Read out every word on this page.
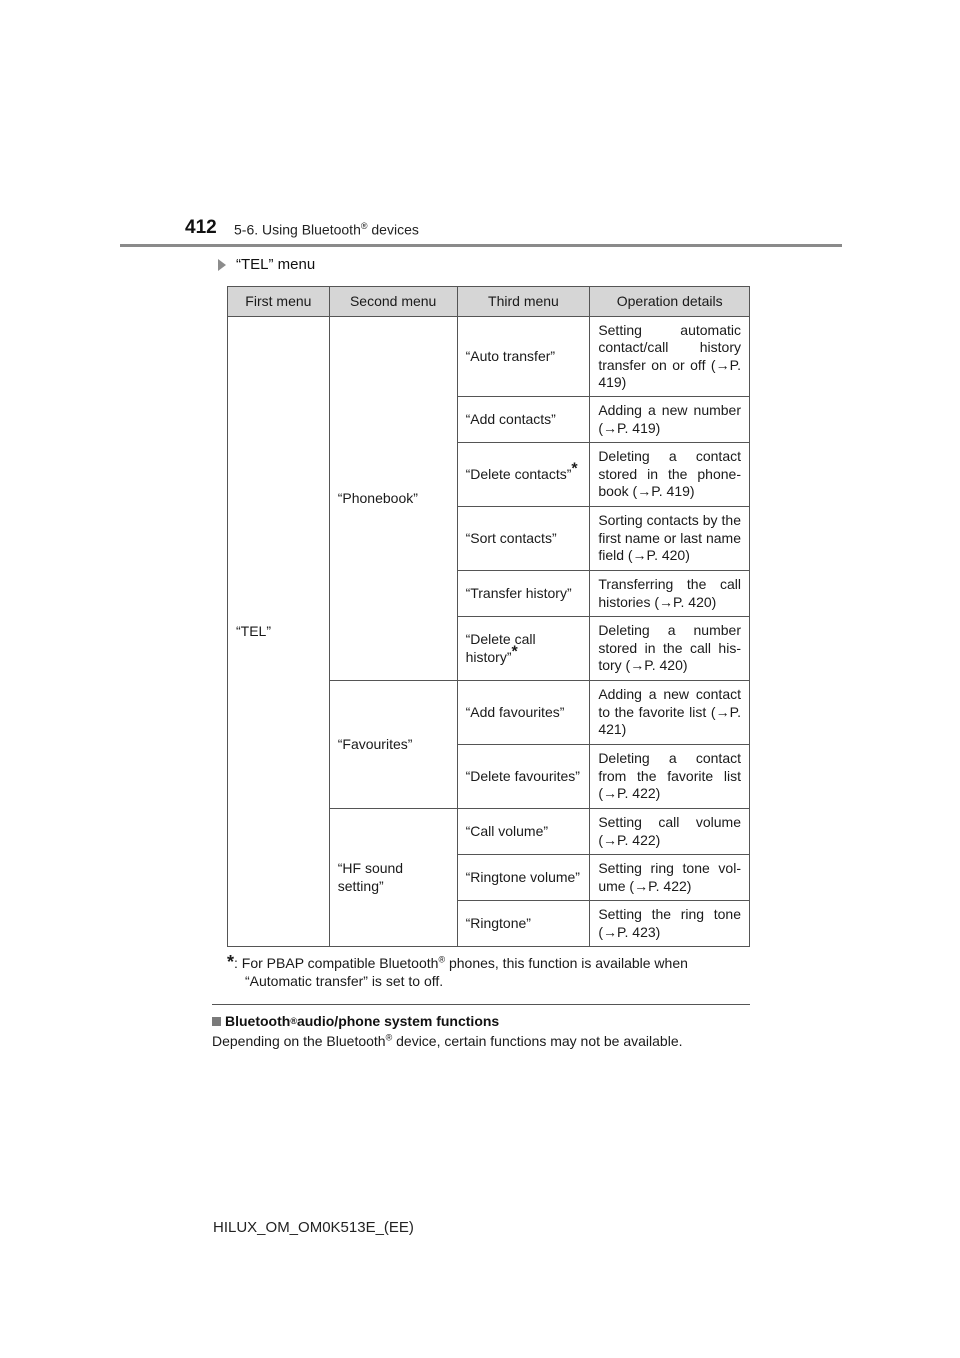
412 5-6. Using Bluetooth® devices
“TEL” menu
First menu	Second menu	Third menu	Operation details
“TEL”	“Phonebook”	“Auto transfer”	Setting automatic contact/call history transfer on or off (→P. 419)
		“Add contacts”	Adding a new number (→P. 419)
		“Delete contacts”*	Deleting a contact stored in the phonebook (→P. 419)
		“Sort contacts”	Sorting contacts by the first name or last name field (→P. 420)
		“Transfer history”	Transferring the call histories (→P. 420)
		“Delete call history”*	Deleting a number stored in the call history (→P. 420)
	“Favourites”	“Add favourites”	Adding a new contact to the favorite list (→P. 421)
		“Delete favourites”	Deleting a contact from the favorite list (→P. 422)
	“HF sound setting”	“Call volume”	Setting call volume (→P. 422)
		“Ringtone volume”	Setting ring tone volume (→P. 422)
		“Ringtone”	Setting the ring tone (→P. 423)
*: For PBAP compatible Bluetooth® phones, this function is available when
“Automatic transfer” is set to off.
Bluetooth ® audio/phone system functions
Depending on the Bluetooth® device, certain functions may not be available.
HILUX_OM_OM0K513E_(EE)
